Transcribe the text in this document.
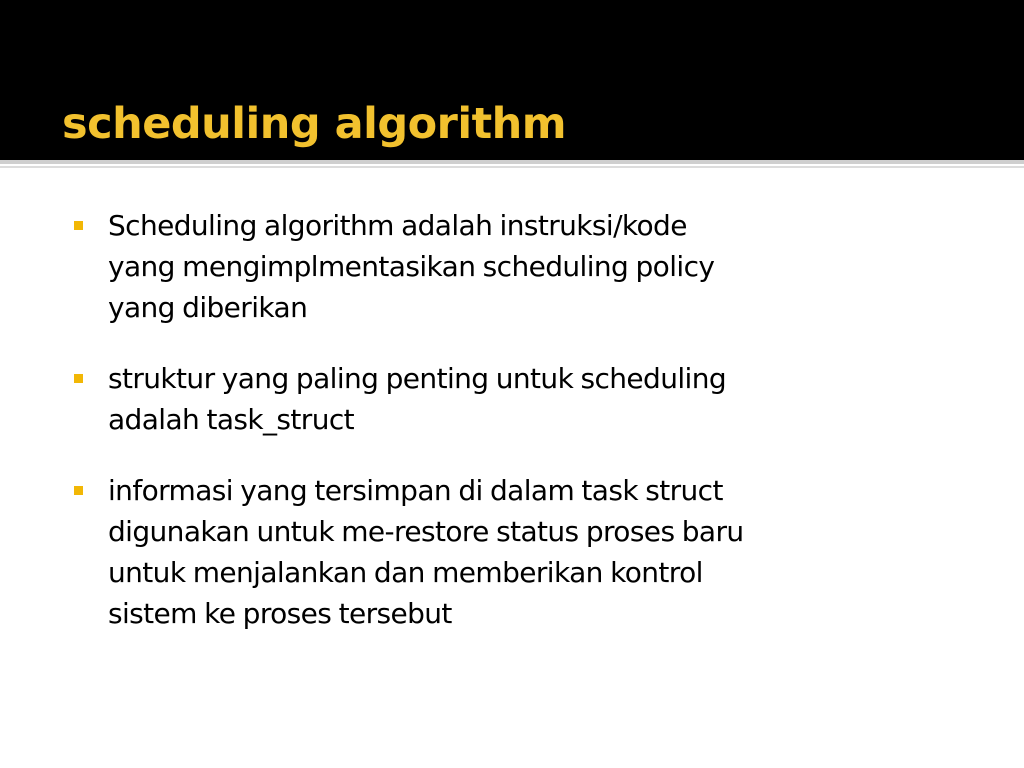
scheduling algorithm
Scheduling algorithm adalah instruksi/kode
yang mengimplmentasikan scheduling policy
yang diberikan
struktur yang paling penting untuk scheduling
adalah task_struct
informasi yang tersimpan di dalam task struct
digunakan untuk me-restore status proses baru
untuk menjalankan dan memberikan kontrol
sistem ke proses tersebut
